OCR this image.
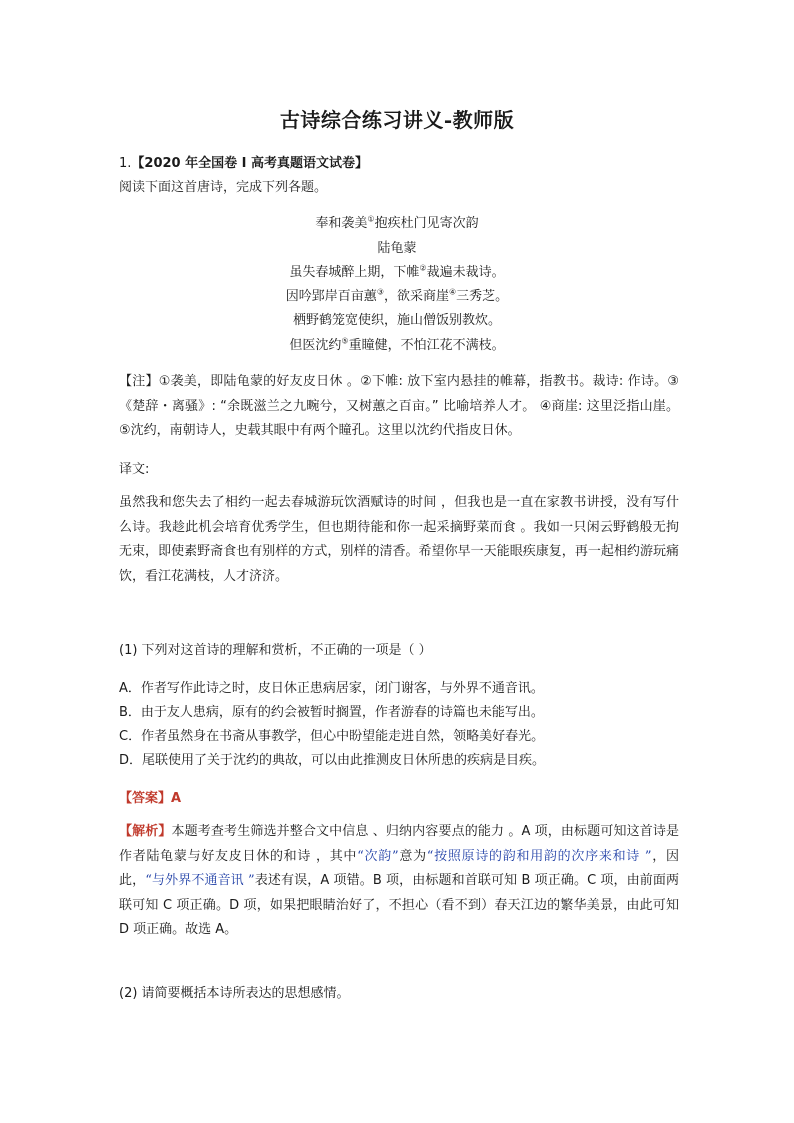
古诗综合练习讲义-教师版
1.【2020 年全国卷 I 高考真题语文试卷】
阅读下面这首唐诗，完成下列各题。
奉和袭美①抱疾杜门见寄次韵
陆龟蒙
虽失春城醉上期，下帷②裁遍未裁诗。
因吟郢岸百亩蕙③，欲采商崖④三秀芝。
栖野鹤笼宽使织，施山僧饭别教炊。
但医沈约⑤重瞳健，不怕江花不满枝。
【注】①袭美，即陆龟蒙的好友皮日休 。②下帷: 放下室内悬挂的帷幕，指教书。裁诗: 作诗。③《楚辞・离骚》: “余既滋兰之九畹兮，又树蕙之百亩。” 比喻培养人才。 ④商崖: 这里泛指山崖。⑤沈约，南朝诗人，史载其眼中有两个瞳孔。这里以沈约代指皮日休。
译文:
虽然我和您失去了相约一起去春城游玩饮酒赋诗的时间 ，但我也是一直在家教书讲授，没有写什么诗。我趁此机会培育优秀学生，但也期待能和你一起采摘野菜而食 。我如一只闲云野鹤般无拘无束，即使素野斋食也有别样的方式，别样的清香。希望你早一天能眼疾康复，再一起相约游玩痛饮，看江花满枝，人才济济。
(1) 下列对这首诗的理解和赏析，不正确的一项是（ ）
A．作者写作此诗之时，皮日休正患病居家，闭门谢客，与外界不通音讯。
B．由于友人患病，原有的约会被暂时搁置，作者游春的诗篇也未能写出。
C．作者虽然身在书斋从事教学，但心中盼望能走进自然，领略美好春光。
D．尾联使用了关于沈约的典故，可以由此推测皮日休所患的疾病是目疾。
【答案】A
【解析】本题考查考生筛选并整合文中信息 、归纳内容要点的能力 。A 项，由标题可知这首诗是作者陆龟蒙与好友皮日休的和诗 ，其中“次韵”意为“按照原诗的韵和用韵的次序来和诗 ”，因此，“与外界不通音讯 ”表述有误，A 项错。B 项，由标题和首联可知 B 项正确。C 项，由前面两联可知 C 项正确。D 项，如果把眼睛治好了，不担心（看不到）春天江边的繁华美景，由此可知 D 项正确。故选 A。
(2) 请简要概括本诗所表达的思想感情。
